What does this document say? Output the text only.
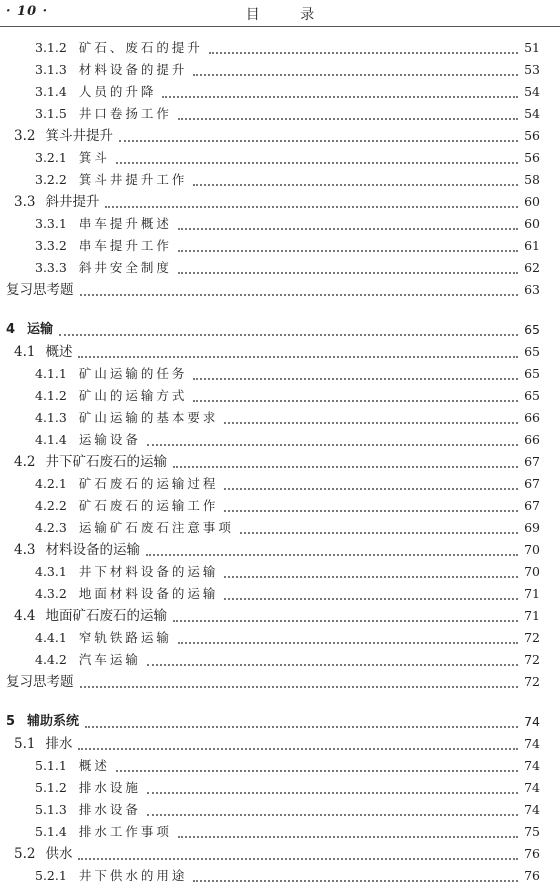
· 10 ·	目 录
3.1.2 矿石、废石的提升	51
3.1.3 材料设备的提升	53
3.1.4 人员的升降	54
3.1.5 井口卷扬工作	54
3.2 箕斗井提升	56
3.2.1 箕斗	56
3.2.2 箕斗井提升工作	58
3.3 斜井提升	60
3.3.1 串车提升概述	60
3.3.2 串车提升工作	61
3.3.3 斜井安全制度	62
复习思考题	63
4 运输	65
4.1 概述	65
4.1.1 矿山运输的任务	65
4.1.2 矿山的运输方式	65
4.1.3 矿山运输的基本要求	66
4.1.4 运输设备	66
4.2 井下矿石废石的运输	67
4.2.1 矿石废石的运输过程	67
4.2.2 矿石废石的运输工作	67
4.2.3 运输矿石废石注意事项	69
4.3 材料设备的运输	70
4.3.1 井下材料设备的运输	70
4.3.2 地面材料设备的运输	71
4.4 地面矿石废石的运输	71
4.4.1 窄轨铁路运输	72
4.4.2 汽车运输	72
复习思考题	72
5 辅助系统	74
5.1 排水	74
5.1.1 概述	74
5.1.2 排水设施	74
5.1.3 排水设备	74
5.1.4 排水工作事项	75
5.2 供水	76
5.2.1 井下供水的用途	76
